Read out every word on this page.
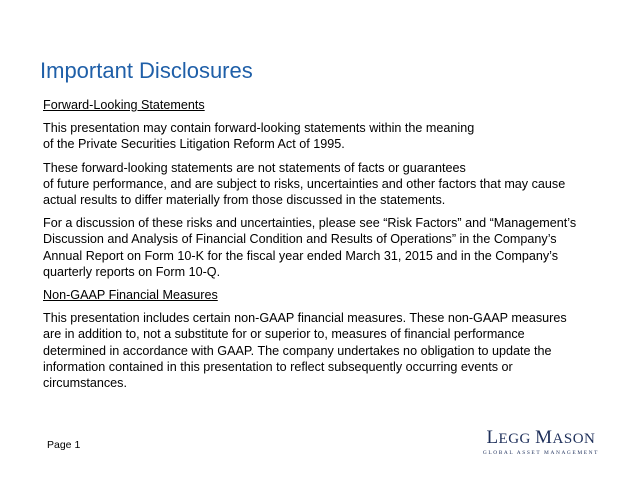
Important Disclosures
Forward-Looking Statements
This presentation may contain forward-looking statements within the meaning
of the Private Securities Litigation Reform Act of 1995.
These forward-looking statements are not statements of facts or guarantees
of future performance, and are subject to risks, uncertainties and other factors that may cause
actual results to differ materially from those discussed in the statements.
For a discussion of these risks and uncertainties, please see “Risk Factors” and “Management’s
Discussion and Analysis of Financial Condition and Results of Operations” in the Company’s
Annual Report on Form 10-K for the fiscal year ended March 31, 2015 and in the Company’s
quarterly reports on Form 10-Q.
Non-GAAP Financial Measures
This presentation includes certain non-GAAP financial measures. These non-GAAP measures
are in addition to, not a substitute for or superior to, measures of financial performance
determined in accordance with GAAP. The company undertakes no obligation to update the
information contained in this presentation to reflect subsequently occurring events or
circumstances.
Page 1	LEGG MASON
GLOBAL ASSET MANAGEMENT
